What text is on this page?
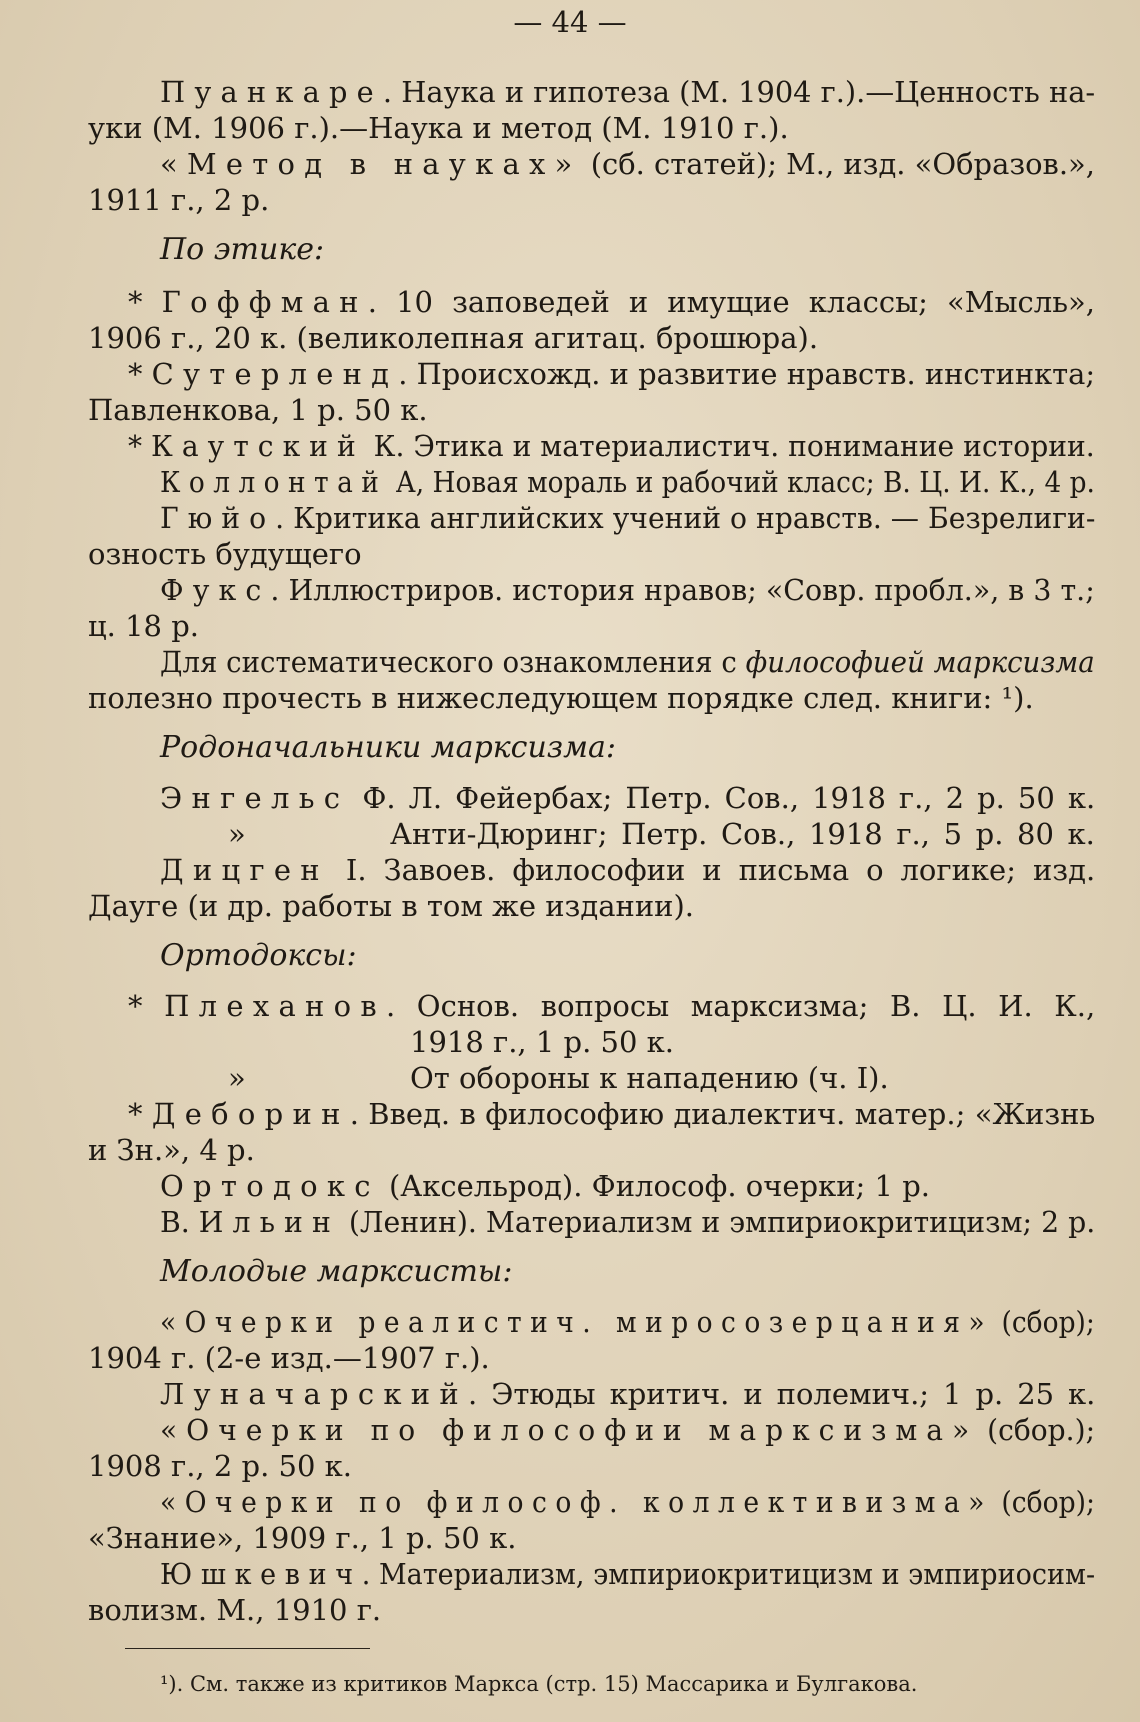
— 44 —
Пуанкаре. Наука и гипотеза (М. 1904 г.).—Ценность на-
уки (М. 1906 г.).—Наука и метод (М. 1910 г.).
«Метод в науках» (сб. статей); М., изд. «Образов.»,
1911 г., 2 р.
По этике:
* Гоффман. 10 заповедей и имущие классы; «Мысль»,
1906 г., 20 к. (великолепная агитац. брошюра).
* Сутерленд. Происхожд. и развитие нравств. инстинкта;
Павленкова, 1 р. 50 к.
* Каутский К. Этика и материалистич. понимание истории.
Коллонтай А, Новая мораль и рабочий класс; В. Ц. И. К., 4 р.
Гюйо. Критика английских учений о нравств. — Безрелиги-
озность будущего
Фукс. Иллюстриров. история нравов; «Совр. пробл.», в 3 т.;
ц. 18 р.
Для систематического ознакомления с философией марксизма
полезно прочесть в нижеследующем порядке след. книги: ¹).
Родоначальники марксизма:
Энгельс Ф. Л. Фейербах; Петр. Сов., 1918 г., 2 р. 50 к.
»	Анти-Дюринг; Петр. Сов., 1918 г., 5 р. 80 к.
Дицген I. Завоев. философии и письма о логике; изд.
Дауге (и др. работы в том же издании).
Ортодоксы:
* Плеханов. Основ. вопросы марксизма; В. Ц. И. К.,
1918 г., 1 р. 50 к.
»	От обороны к нападению (ч. I).
* Деборин. Введ. в философию диалектич. матер.; «Жизнь
и Зн.», 4 р.
Ортодокс (Аксельрод). Философ. очерки; 1 р.
В. Ильин (Ленин). Материализм и эмпириокритицизм; 2 р.
Молодые марксисты:
«Очерки реалистич. миросозерцания» (сбор);
1904 г. (2-е изд.—1907 г.).
Луначарский. Этюды критич. и полемич.; 1 р. 25 к.
«Очерки по философии марксизма» (сбор.);
1908 г., 2 р. 50 к.
«Очерки по философ. коллективизма» (сбор);
«Знание», 1909 г., 1 р. 50 к.
Юшкевич. Материализм, эмпириокритицизм и эмпириосим-
волизм. М., 1910 г.
¹). См. также из критиков Маркса (стр. 15) Массарика и Булгакова.
